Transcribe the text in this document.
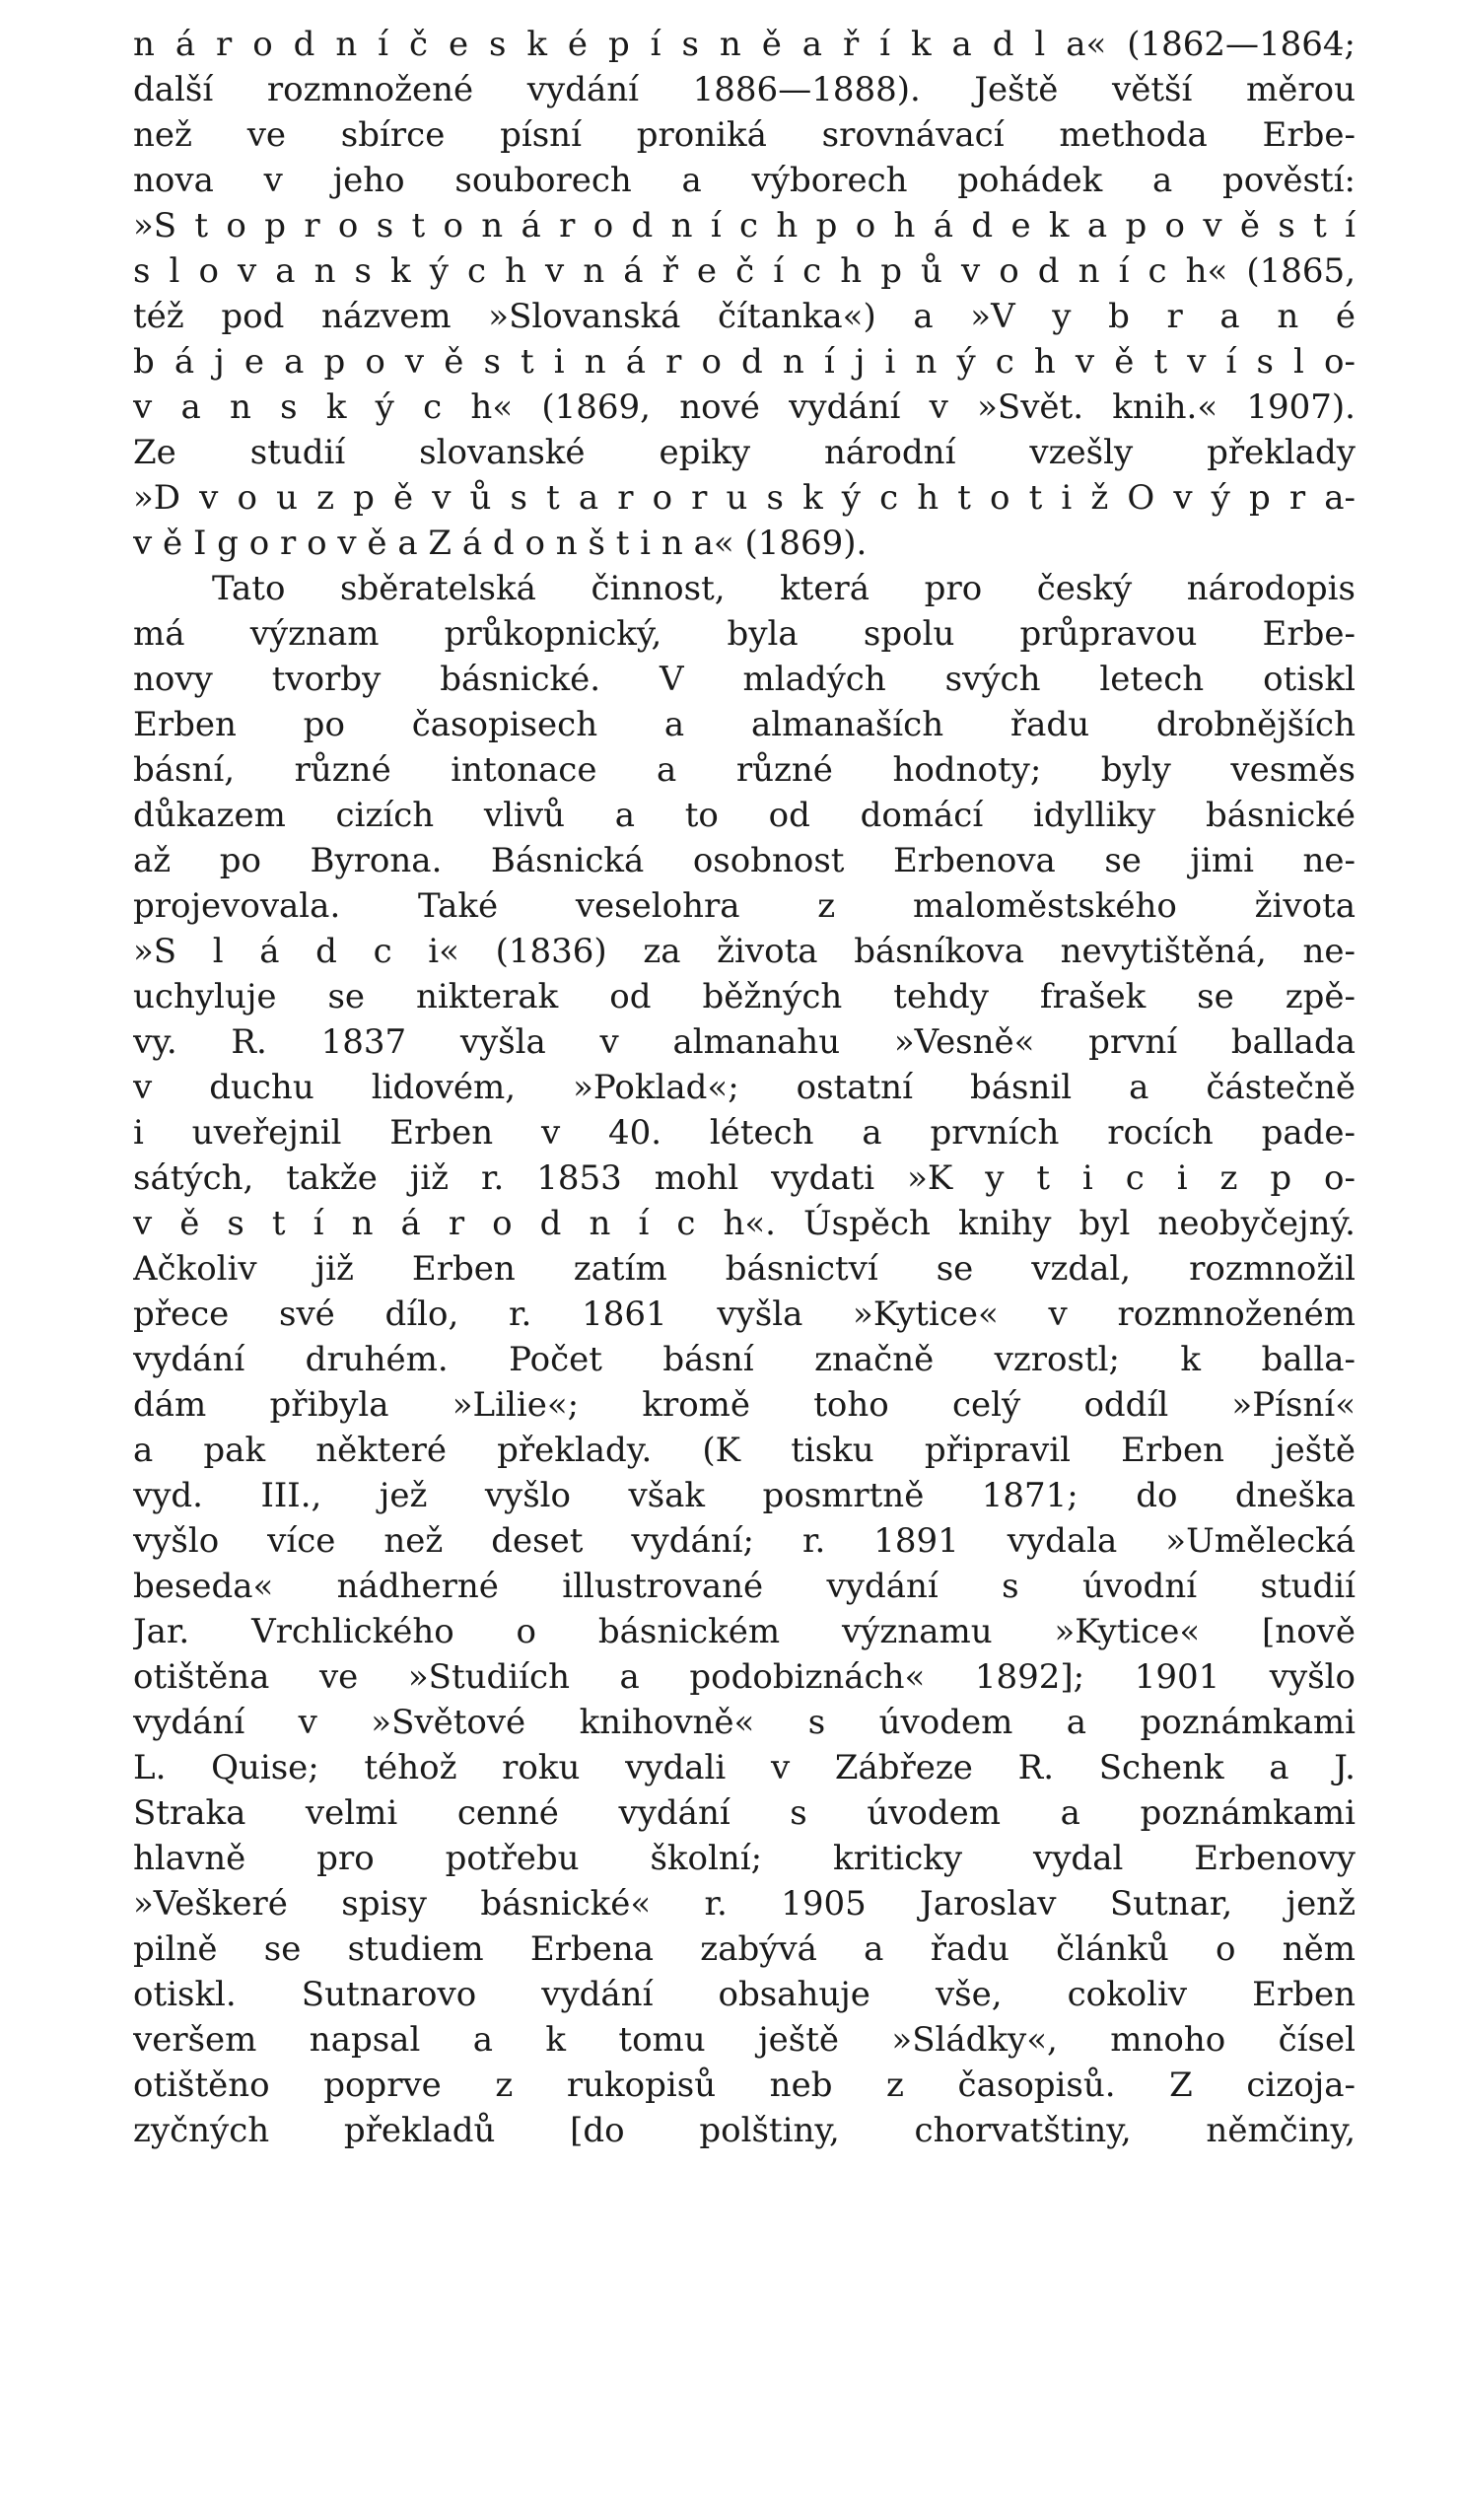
n á r o d n í č e s k é p í s n ě a ř í k a d l a« (1862—1864;
další rozmnožené vydání 1886—1888). Ještě větší měrou
než ve sbírce písní proniká srovnávací methoda Erbe-
nova v jeho souborech a výborech pohádek a pověstí:
»S t o p r o s t o n á r o d n í c h p o h á d e k a p o v ě s t í
s l o v a n s k ý c h v n á ř e č í c h p ů v o d n í c h« (1865,
též pod názvem »Slovanská čítanka«) a »V y b r a n é
b á j e a p o v ě s t i n á r o d n í j i n ý c h v ě t v í s l o-
v a n s k ý c h« (1869, nové vydání v »Svět. knih.« 1907).
Ze studií slovanské epiky národní vzešly překlady
»D v o u z p ě v ů s t a r o r u s k ý c h t o t i ž O v ý p r a-
v ě I g o r o v ě a Z á d o n š t i n a« (1869).
Tato sběratelská činnost, která pro český národopis
má význam průkopnický, byla spolu průpravou Erbe-
novy tvorby básnické. V mladých svých letech otiskl
Erben po časopisech a almanaších řadu drobnějších
básní, různé intonace a různé hodnoty; byly vesměs
důkazem cizích vlivů a to od domácí idylliky básnické
až po Byrona. Básnická osobnost Erbenova se jimi ne-
projevovala. Také veselohra z maloměstského života
»S l á d c i« (1836) za života básníkova nevytištěná, ne-
uchyluje se nikterak od běžných tehdy frašek se zpě-
vy. R. 1837 vyšla v almanahu »Vesně« první ballada
v duchu lidovém, »Poklad«; ostatní básnil a částečně
i uveřejnil Erben v 40. létech a prvních rocích pade-
sátých, takže již r. 1853 mohl vydati »K y t i c i z p o-
v ě s t í n á r o d n í c h«. Úspěch knihy byl neobyčejný.
Ačkoliv již Erben zatím básnictví se vzdal, rozmnožil
přece své dílo, r. 1861 vyšla »Kytice« v rozmnoženém
vydání druhém. Počet básní značně vzrostl; k balla-
dám přibyla »Lilie«; kromě toho celý oddíl »Písní«
a pak některé překlady. (K tisku připravil Erben ještě
vyd. III., jež vyšlo však posmrtně 1871; do dneška
vyšlo více než deset vydání; r. 1891 vydala »Umělecká
beseda« nádherné illustrované vydání s úvodní studií
Jar. Vrchlického o básnickém významu »Kytice« [nově
otištěna ve »Studiích a podobiznách« 1892]; 1901 vyšlo
vydání v »Světové knihovně« s úvodem a poznámkami
L. Quise; téhož roku vydali v Zábřeze R. Schenk a J.
Straka velmi cenné vydání s úvodem a poznámkami
hlavně pro potřebu školní; kriticky vydal Erbenovy
»Veškeré spisy básnické« r. 1905 Jaroslav Sutnar, jenž
pilně se studiem Erbena zabývá a řadu článků o něm
otiskl. Sutnarovo vydání obsahuje vše, cokoliv Erben
veršem napsal a k tomu ještě »Sládky«, mnoho čísel
otištěno poprve z rukopisů neb z časopisů. Z cizoja-
zyčných překladů [do polštiny, chorvatštiny, němčiny,
